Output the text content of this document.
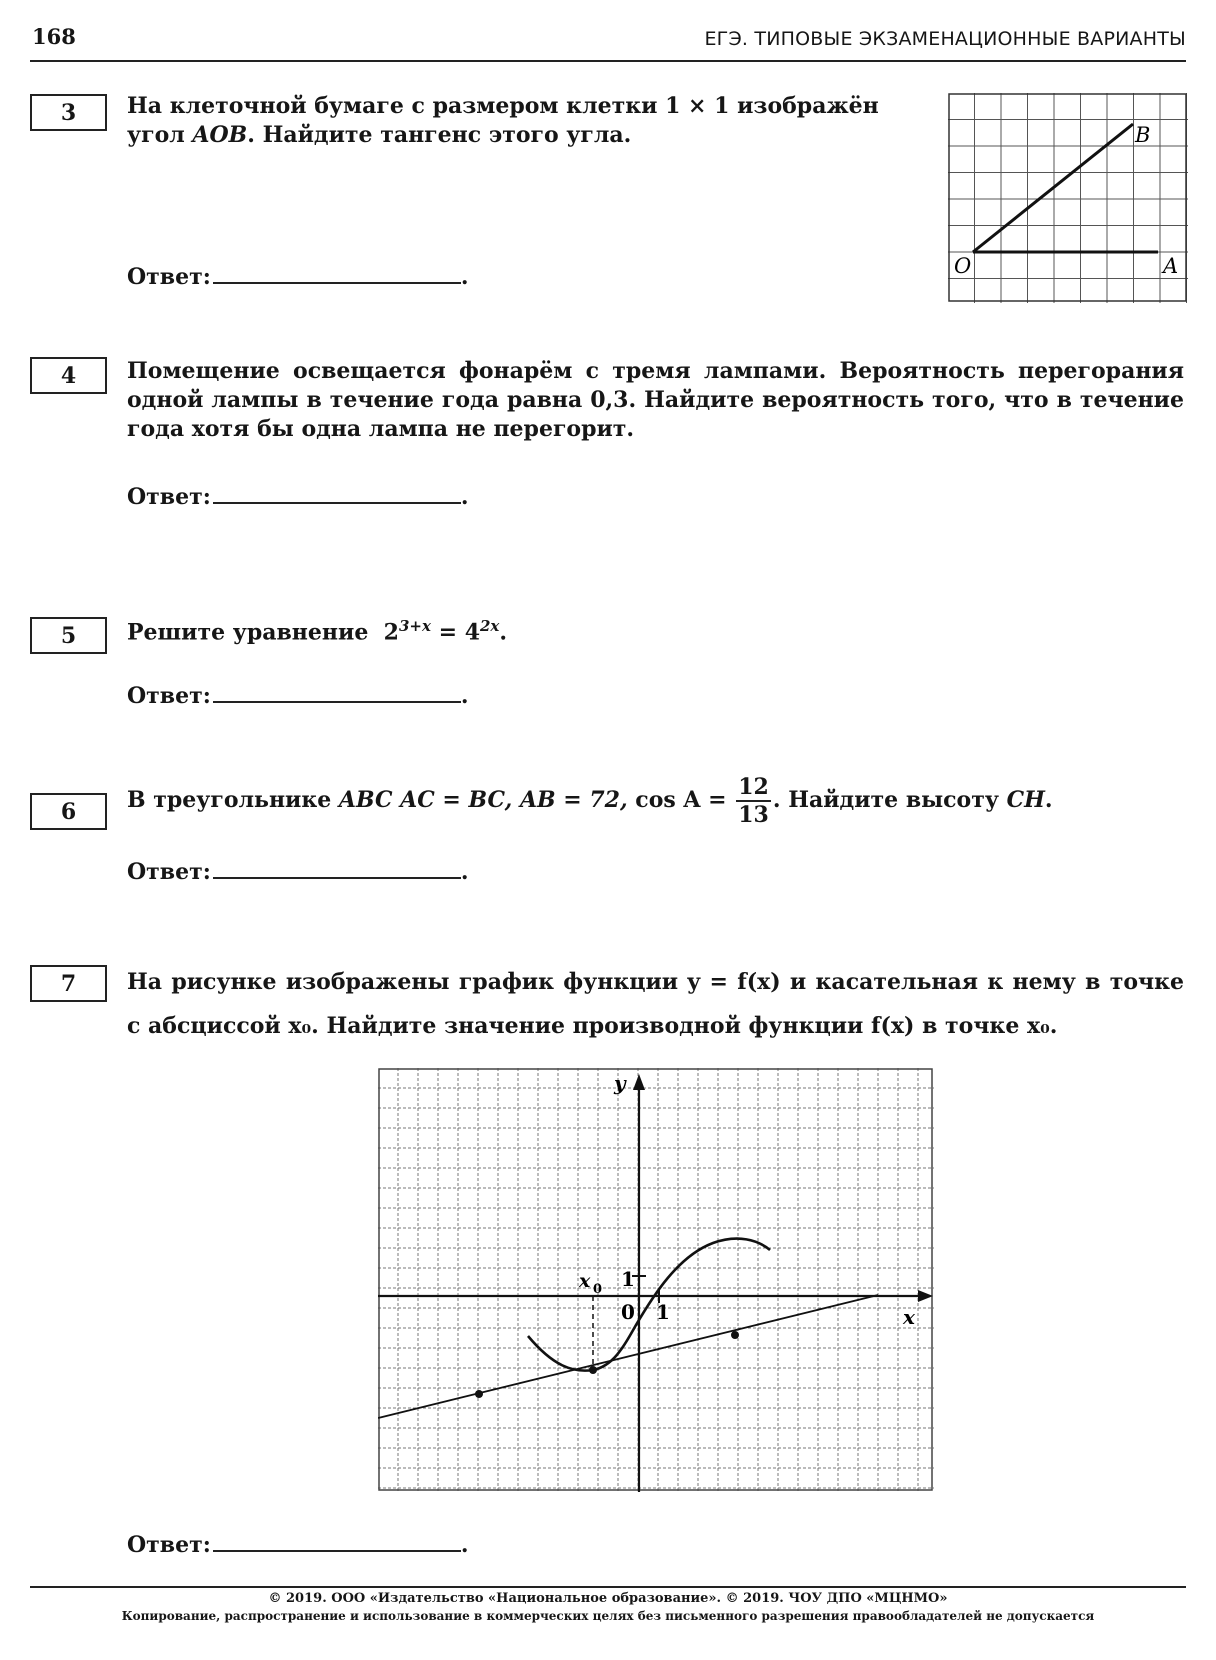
168	ЕГЭ. ТИПОВЫЕ ЭКЗАМЕНАЦИОННЫЕ ВАРИАНТЫ
3 На клеточной бумаге с размером клетки 1 × 1 изображён
угол AOB. Найдите тангенс этого угла.
Ответ:	.	O	A
B
4 Помещение освещается фонарём с тремя лампами. Вероятность перегорания одной лампы в течение года равна 0,3. Найдите вероятность того, что в течение года хотя бы одна лампа не перегорит.
Ответ:	.
5 Решите уравнение  $2^{3+x} = 4^{2x}$.
Ответ:	.
6 В треугольнике ABC AC = BC, AB = 72, $\cos A = \frac{12}{13}$ . Найдите высоту CH.
Ответ:	.
7 На рисунке изображены график функции y = f(x) и касательная к нему в точке
с абсциссой x₀. Найдите значение производной функции f(x) в точке x₀.
y
x
x 0
0 1
1
Ответ:	.
© 2019. ООО «Издательство «Национальное образование». © 2019. ЧОУ ДПО «МЦНМО»
Копирование, распространение и использование в коммерческих целях без письменного разрешения правообладателей не допускается
